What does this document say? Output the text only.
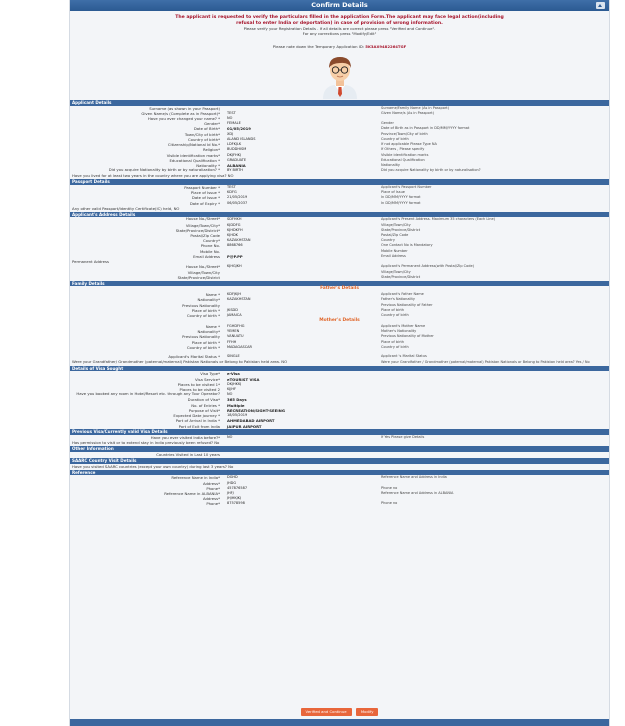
Confirm Details
The applicant is requested to verify the particulars filled in the application Form.The applicant may face legal action(including
refusal to enter India or deportation) in case of provision of wrong information.
Please verify your Registration Details . If all details are correct please press "Verified and Continue".
For any corrections press "Modify/Edit"
Please note down the Temporary Application ID: 5K3AX9482264TGF
Applicant Details
Surname (as shown in your Passport)	Surname/Family Name (As in Passport)
Given Name/s (Complete as in Passport)*	TEST	Given Name/s (As in Passport)
Have you ever changed your name? *	NO
Gender*	FEMALE	Gender
Date of Birth*	01/05/2019	Date of Birth as in Passport in DD/MM/YYYY format
Town/City of birth*	XDJ	Province/Town/City of birth
Country of birth*	ALAND ISLANDS	Country of birth
Citizenship/National Id No.*	LDFKJLK	If not applicable Please Type NA
Religion*	BUDDHISM	If Others , Please specify
Visible identification marks*	DKJFHKJ	Visible identification marks
Educational Qualification *	GRADUATE	Educational Qualification
Nationality *	ALBANIA	Nationality
Did you acquire Nationality by birth or by naturalization? *	BY BIRTH	Did you acquire Nationality by birth or by naturalisation?
Have you lived for at least two years in the country where you are applying visa? NO
Passport Details
Passport Number *	TEST	Applicant's Passport Number
Place of Issue *	KDFG	Place of Issue
Date of Issue *	21/05/2019	In DD/MM/YYYY format
Date of Expiry *	06/05/2037	In DD/MM/YYYY format
Any other valid Passport/Identity Certificate(IC) held, NO
Applicant's Address Details
House No./Street*	SDFHKH	Applicant's Present Address. Maximum 35 characters (Each Line)
Village/Town/City*	KJDDFG	Village/Town/City
State/Province/District*	KJHDKFH	State/Province/District
Postal/Zip Code	KJHDK	Postal/Zip Code
Country*	KAZAKHSTAN	Country
Phone No.	8868766	One Contact No is Mandatory
Mobile No.	Mobile Number
Email Address	P@P.PP	Email Address
Permanent Address
House No./Street*	KJHGJKH	Applicant's Permanent Address(with Postal/Zip Code)
Village/Town/City	Village/Town/City
State/Province/District	State/Province/District
Family Details
Father's Details
Name *	KDFJKJH	Applicant's Father Name
Nationality*	KAZAKHSTAN	Father's Nationality
Previous Nationality	Previous Nationality of Father
Place of birth *	JKSDD	Place of birth
Country of birth *	JAMAICA	Country of birth
Mother's Details
Name *	FGHDFHG	Applicant's Mother Name
Nationality*	YEMEN	Mother's Nationality
Previous Nationality	VANUATU	Previous Nationality of Mother
Place of birth *	FFHH	Place of birth
Country of birth *	MADAGASCAR	Country of birth
Applicant's Marital Status *	SINGLE	Applicant 's Marital Status
Were your Grandfather/ Grandmother (paternal/maternal) Pakistan Nationals or Belong to Pakistan held area. NO	Were your Grandfather / Grandmother (paternal/maternal) Pakistan Nationals or Belong to Pakistan held area? Yes / No
Details of Visa Sought
Visa Type*	e-Visa
Visa Service*	eTOURIST VISA
Places to be visited 1*	DKJHKKJ
Places to be visited 2	KJJHF
Have you booked any room in Hotel/Resort etc. through any Tour Operator?	NO
Duration of Visa*	365 Days
No. of Entries *	Multiple
Purpose of Visit*	RECREATION/SIGHT-SEEING
Expected Date journey *	18/05/2019
Port of Arrival in India *	AHMEDABAD AIRPORT
Port of Exit from India	JAIPUR AIRPORT
Previous Visa/Currently valid Visa Details
Have you ever visited India before?*	NO	If Yes Please give Details
Has permission to visit or to extend stay in India previously been refused? No
Other Information
Countries Visited in Last 10 years
SAARC Country Visit Details
Have you visited SAARC countries (except your own country) during last 3 years? No
Reference
Reference Name in India*	DGHD	Reference Name and Address in India
Address*	JHDG
Phone*	457876587	Phone no
Reference Name in ALBANIA*	JHFJ	Reference Name and Address in ALBANIA
Address*	JHJHKJKJ
Phone*	87578598	Phone no
Verified and Continue	Modify
